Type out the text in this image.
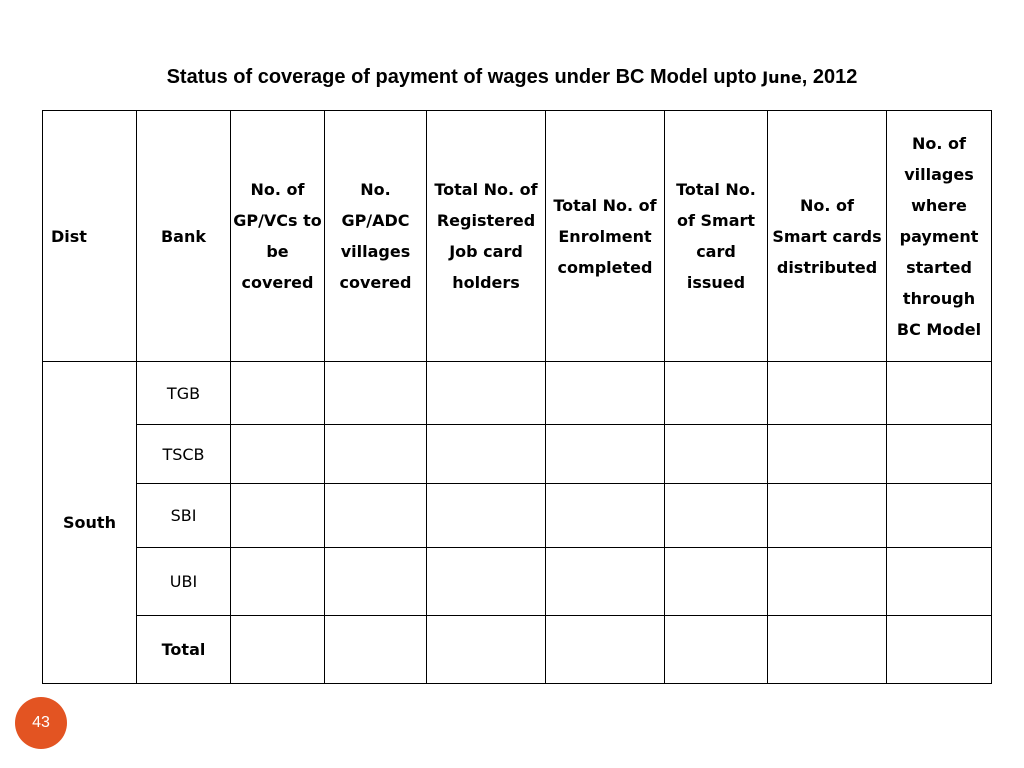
Status of coverage of payment of wages under BC Model upto June, 2012
Dist	Bank	No. of GP/VCs to be covered	No. GP/ADC villages covered	Total No. of Registered Job card holders	Total No. of Enrolment completed	Total No. of Smart card issued	No. of Smart cards distributed	No. of villages where payment started through BC Model
South	TGB							
	TSCB							
	SBI							
	UBI							
	Total							
43
